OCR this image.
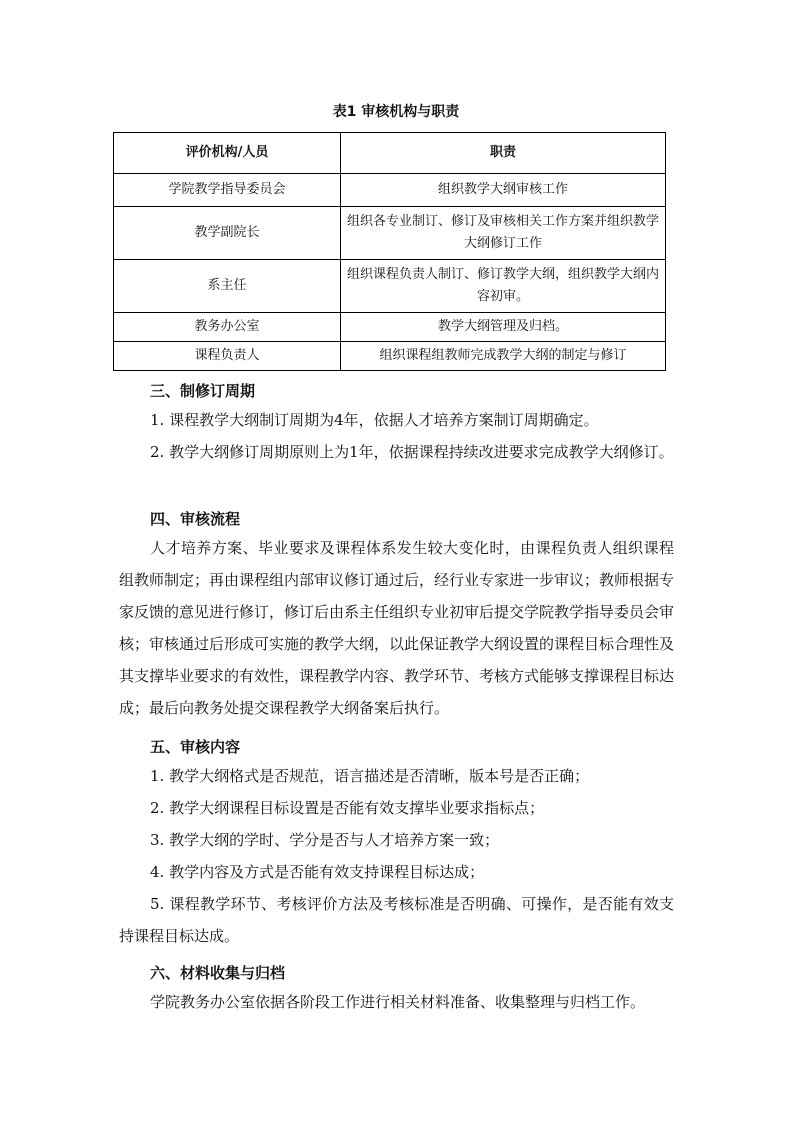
表1 审核机构与职责
评价机构/人员	职责
学院教学指导委员会	组织教学大纲审核工作
教学副院长	组织各专业制订、修订及审核相关工作方案并组织教学大纲修订工作
系主任	组织课程负责人制订、修订教学大纲，组织教学大纲内容初审。
教务办公室	教学大纲管理及归档。
课程负责人	组织课程组教师完成教学大纲的制定与修订
三、制修订周期
1. 课程教学大纲制订周期为4年，依据人才培养方案制订周期确定。
2. 教学大纲修订周期原则上为1年，依据课程持续改进要求完成教学大纲修订。
四、审核流程
人才培养方案、毕业要求及课程体系发生较大变化时，由课程负责人组织课程组教师制定；再由课程组内部审议修订通过后，经行业专家进一步审议；教师根据专家反馈的意见进行修订，修订后由系主任组织专业初审后提交学院教学指导委员会审核；审核通过后形成可实施的教学大纲，以此保证教学大纲设置的课程目标合理性及其支撑毕业要求的有效性，课程教学内容、教学环节、考核方式能够支撑课程目标达成；最后向教务处提交课程教学大纲备案后执行。
五、审核内容
1. 教学大纲格式是否规范，语言描述是否清晰，版本号是否正确；
2. 教学大纲课程目标设置是否能有效支撑毕业要求指标点；
3. 教学大纲的学时、学分是否与人才培养方案一致；
4. 教学内容及方式是否能有效支持课程目标达成；
5. 课程教学环节、考核评价方法及考核标准是否明确、可操作，是否能有效支持课程目标达成。
六、材料收集与归档
学院教务办公室依据各阶段工作进行相关材料准备、收集整理与归档工作。
